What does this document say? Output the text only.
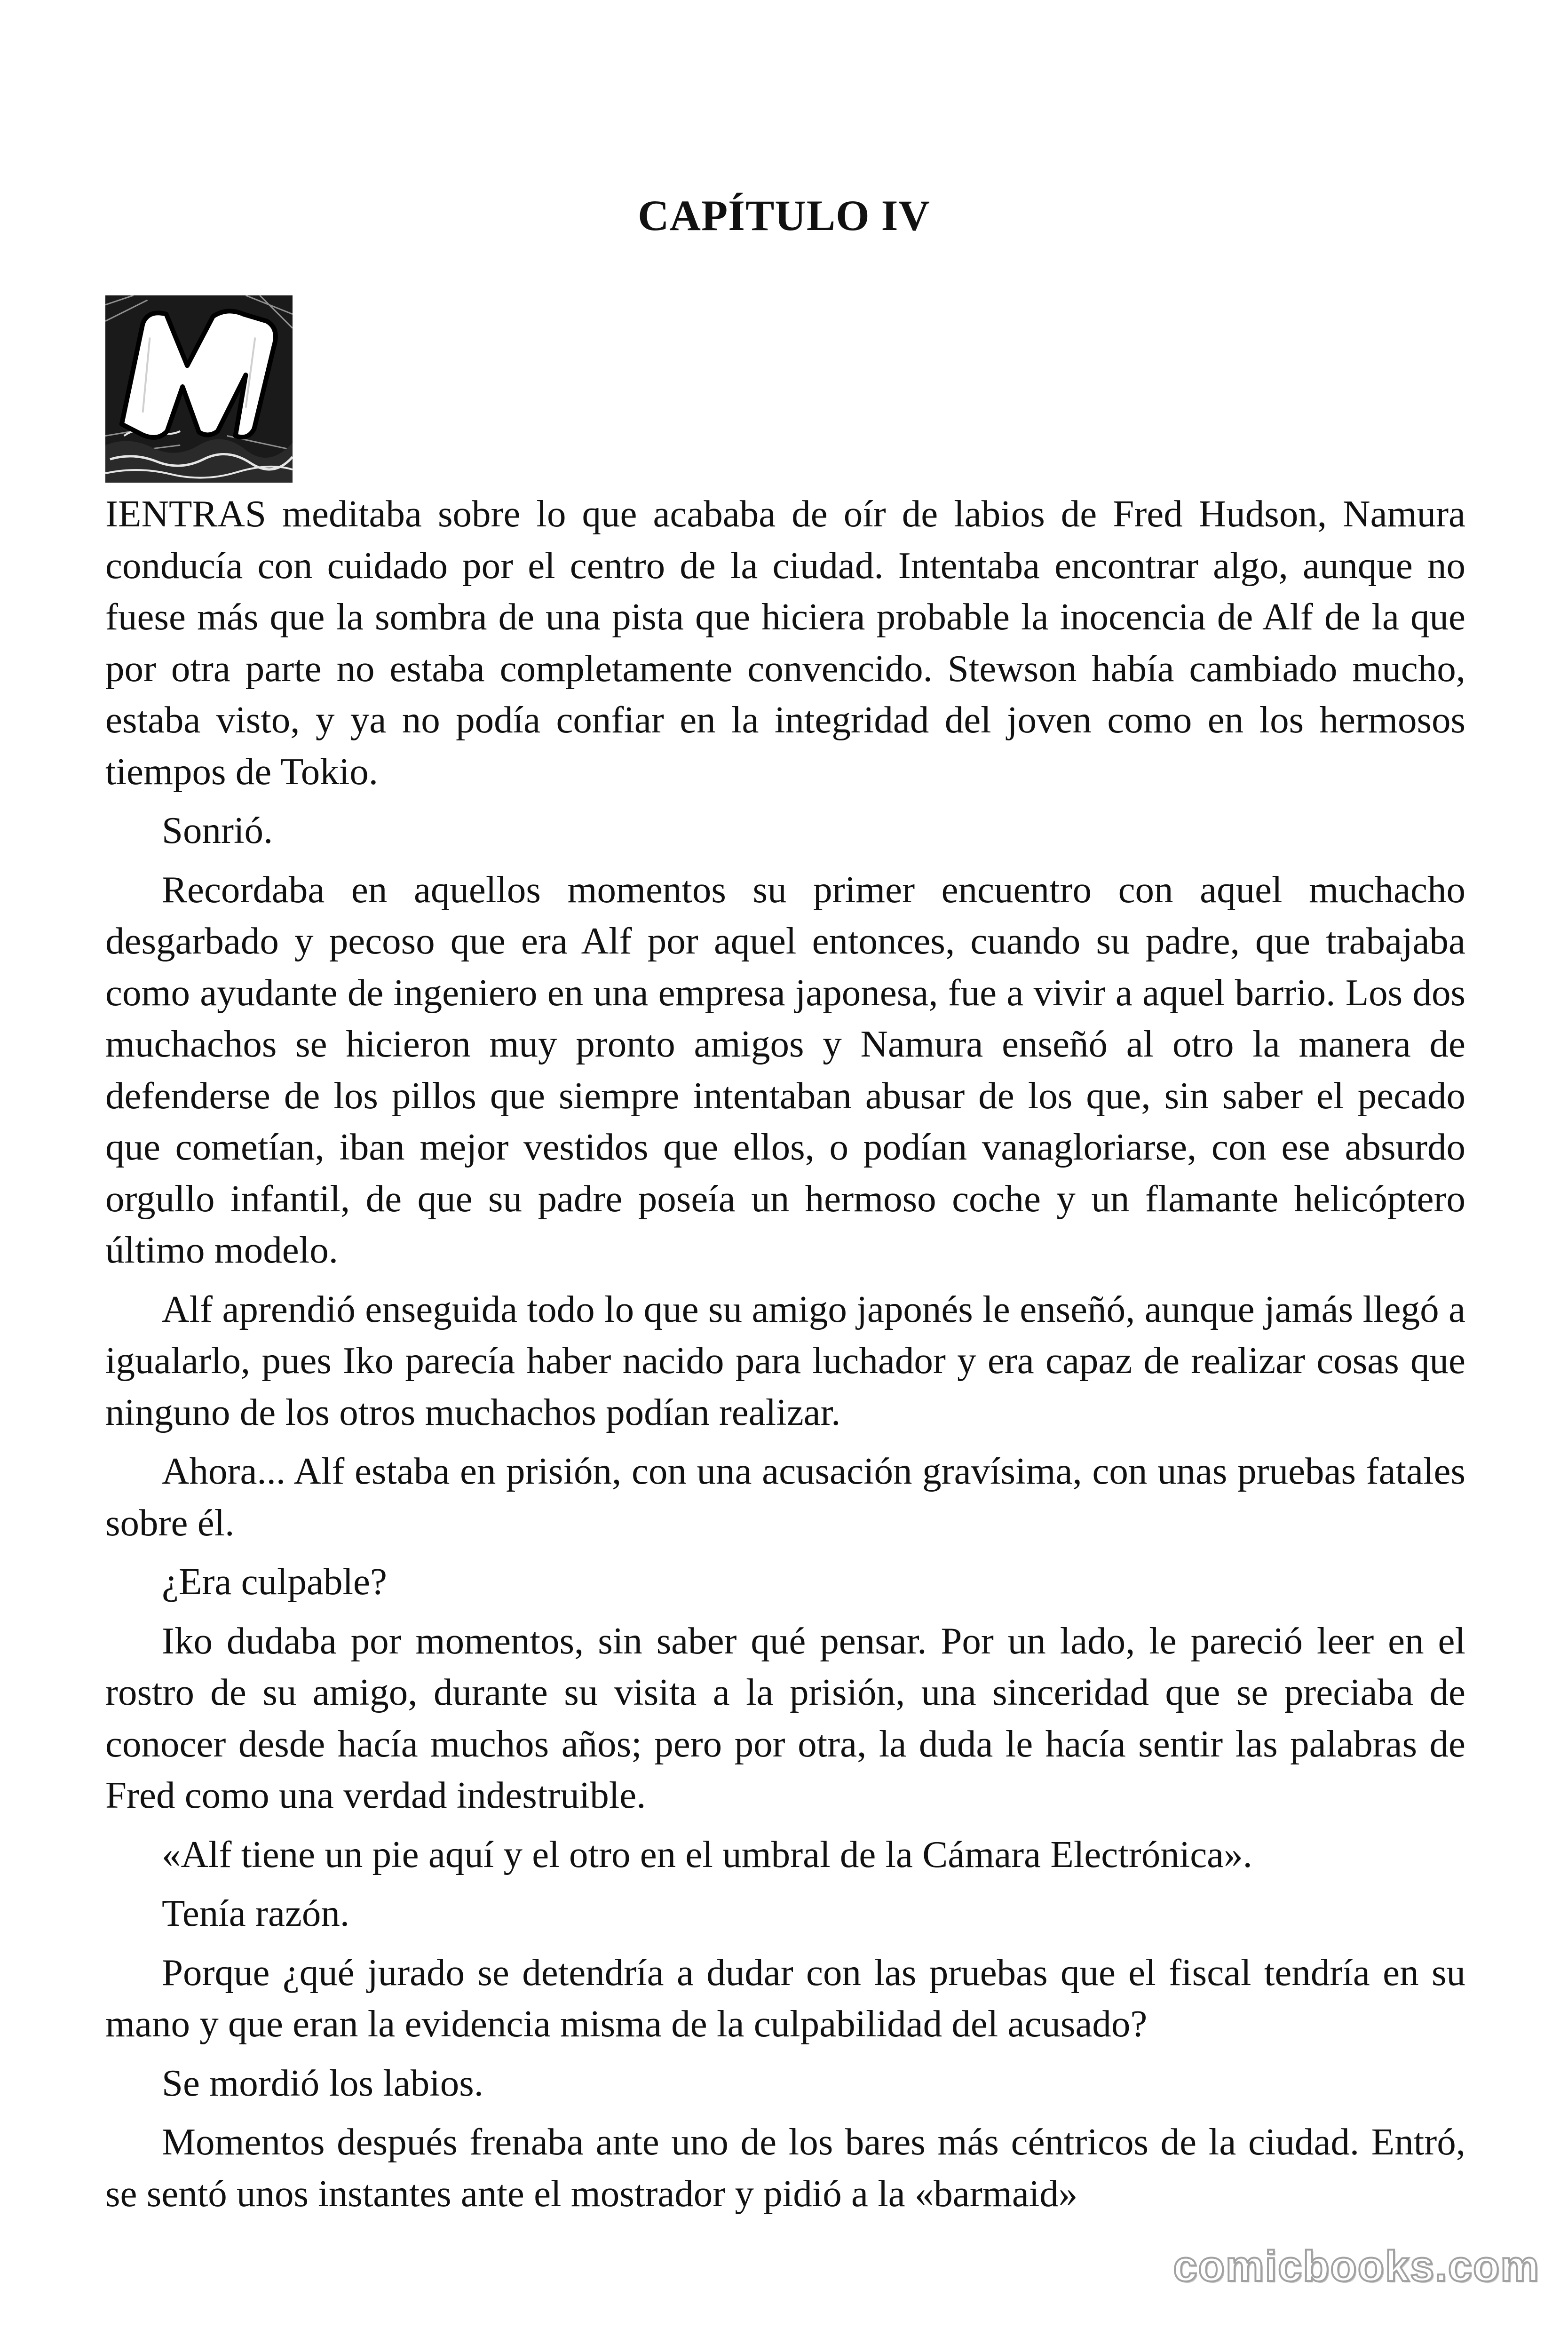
CAPÍTULO IV

IENTRAS meditaba sobre lo que acababa de oír de labios de Fred Hudson, Namura conducía con cuidado por el centro de la ciudad. Intentaba encontrar algo, aunque no fuese más que la sombra de una pista que hiciera probable la inocencia de Alf de la que por otra parte no estaba completamente convencido. Stewson había cambiado mucho, estaba visto, y ya no podía confiar en la integridad del joven como en los hermosos tiempos de Tokio.

Sonrió.

Recordaba en aquellos momentos su primer encuentro con aquel muchacho desgarbado y pecoso que era Alf por aquel entonces, cuando su padre, que trabajaba como ayudante de ingeniero en una empresa japonesa, fue a vivir a aquel barrio. Los dos muchachos se hicieron muy pronto amigos y Namura enseñó al otro la manera de defenderse de los pillos que siempre intentaban abusar de los que, sin saber el pecado que cometían, iban mejor vestidos que ellos, o podían vanagloriarse, con ese absurdo orgullo infantil, de que su padre poseía un hermoso coche y un flamante helicóptero último modelo.

Alf aprendió enseguida todo lo que su amigo japonés le enseñó, aunque jamás llegó a igualarlo, pues Iko parecía haber nacido para luchador y era capaz de realizar cosas que ninguno de los otros muchachos podían realizar.

Ahora... Alf estaba en prisión, con una acusación gravísima, con unas pruebas fatales sobre él.

¿Era culpable?

Iko dudaba por momentos, sin saber qué pensar. Por un lado, le pareció leer en el rostro de su amigo, durante su visita a la prisión, una sinceridad que se preciaba de conocer desde hacía muchos años; pero por otra, la duda le hacía sentir las palabras de Fred como una verdad indestruible.

«Alf tiene un pie aquí y el otro en el umbral de la Cámara Electrónica».

Tenía razón.

Porque ¿qué jurado se detendría a dudar con las pruebas que el fiscal tendría en su mano y que eran la evidencia misma de la culpabilidad del acusado?

Se mordió los labios.

Momentos después frenaba ante uno de los bares más céntricos de la ciudad. Entró, se sentó unos instantes ante el mostrador y pidió a la «barmaid»

comicbooks.com
